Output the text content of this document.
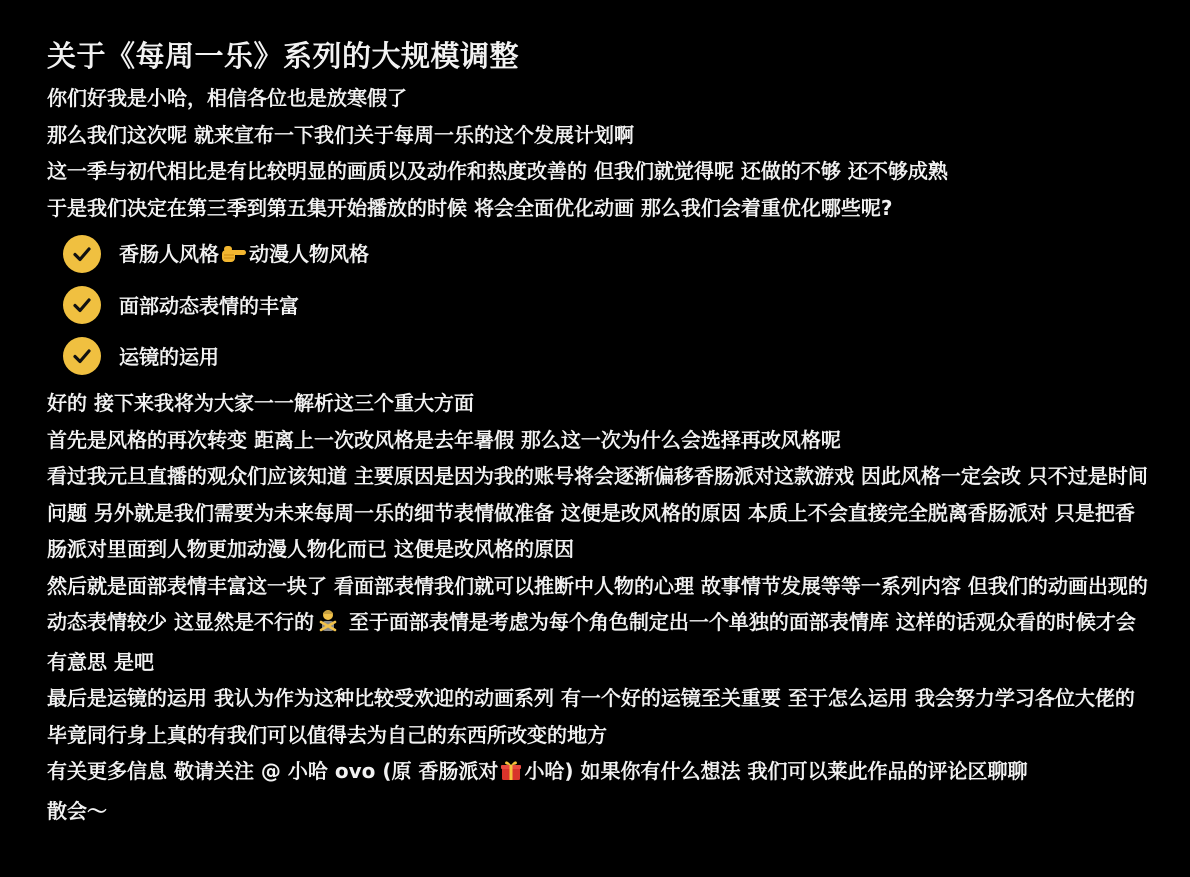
关于《每周一乐》系列的大规模调整

你们好我是小哈，相信各位也是放寒假了

那么我们这次呢 就来宣布一下我们关于每周一乐的这个发展计划啊

这一季与初代相比是有比较明显的画质以及动作和热度改善的 但我们就觉得呢 还做的不够 还不够成熟

于是我们决定在第三季到第五集开始播放的时候 将会全面优化动画 那么我们会着重优化哪些呢?

香肠人风格 动漫人物风格
面部动态表情的丰富
运镜的运用

好的 接下来我将为大家一一解析这三个重大方面

首先是风格的再次转变 距离上一次改风格是去年暑假 那么这一次为什么会选择再改风格呢

看过我元旦直播的观众们应该知道 主要原因是因为我的账号将会逐渐偏移香肠派对这款游戏 因此风格一定会改 只不过是时间问题 另外就是我们需要为未来每周一乐的细节表情做准备 这便是改风格的原因 本质上不会直接完全脱离香肠派对 只是把香肠派对里面到人物更加动漫人物化而已 这便是改风格的原因

然后就是面部表情丰富这一块了 看面部表情我们就可以推断中人物的心理 故事情节发展等等一系列内容 但我们的动画出现的动态表情较少 这显然是不行的 至于面部表情是考虑为每个角色制定出一个单独的面部表情库 这样的话观众看的时候才会有意思 是吧

最后是运镜的运用 我认为作为这种比较受欢迎的动画系列 有一个好的运镜至关重要 至于怎么运用 我会努力学习各位大佬的 毕竟同行身上真的有我们可以值得去为自己的东西所改变的地方

有关更多信息 敬请关注 @ 小哈 ovo (原 香肠派对 小哈) 如果你有什么想法 我们可以莱此作品的评论区聊聊

散会～
